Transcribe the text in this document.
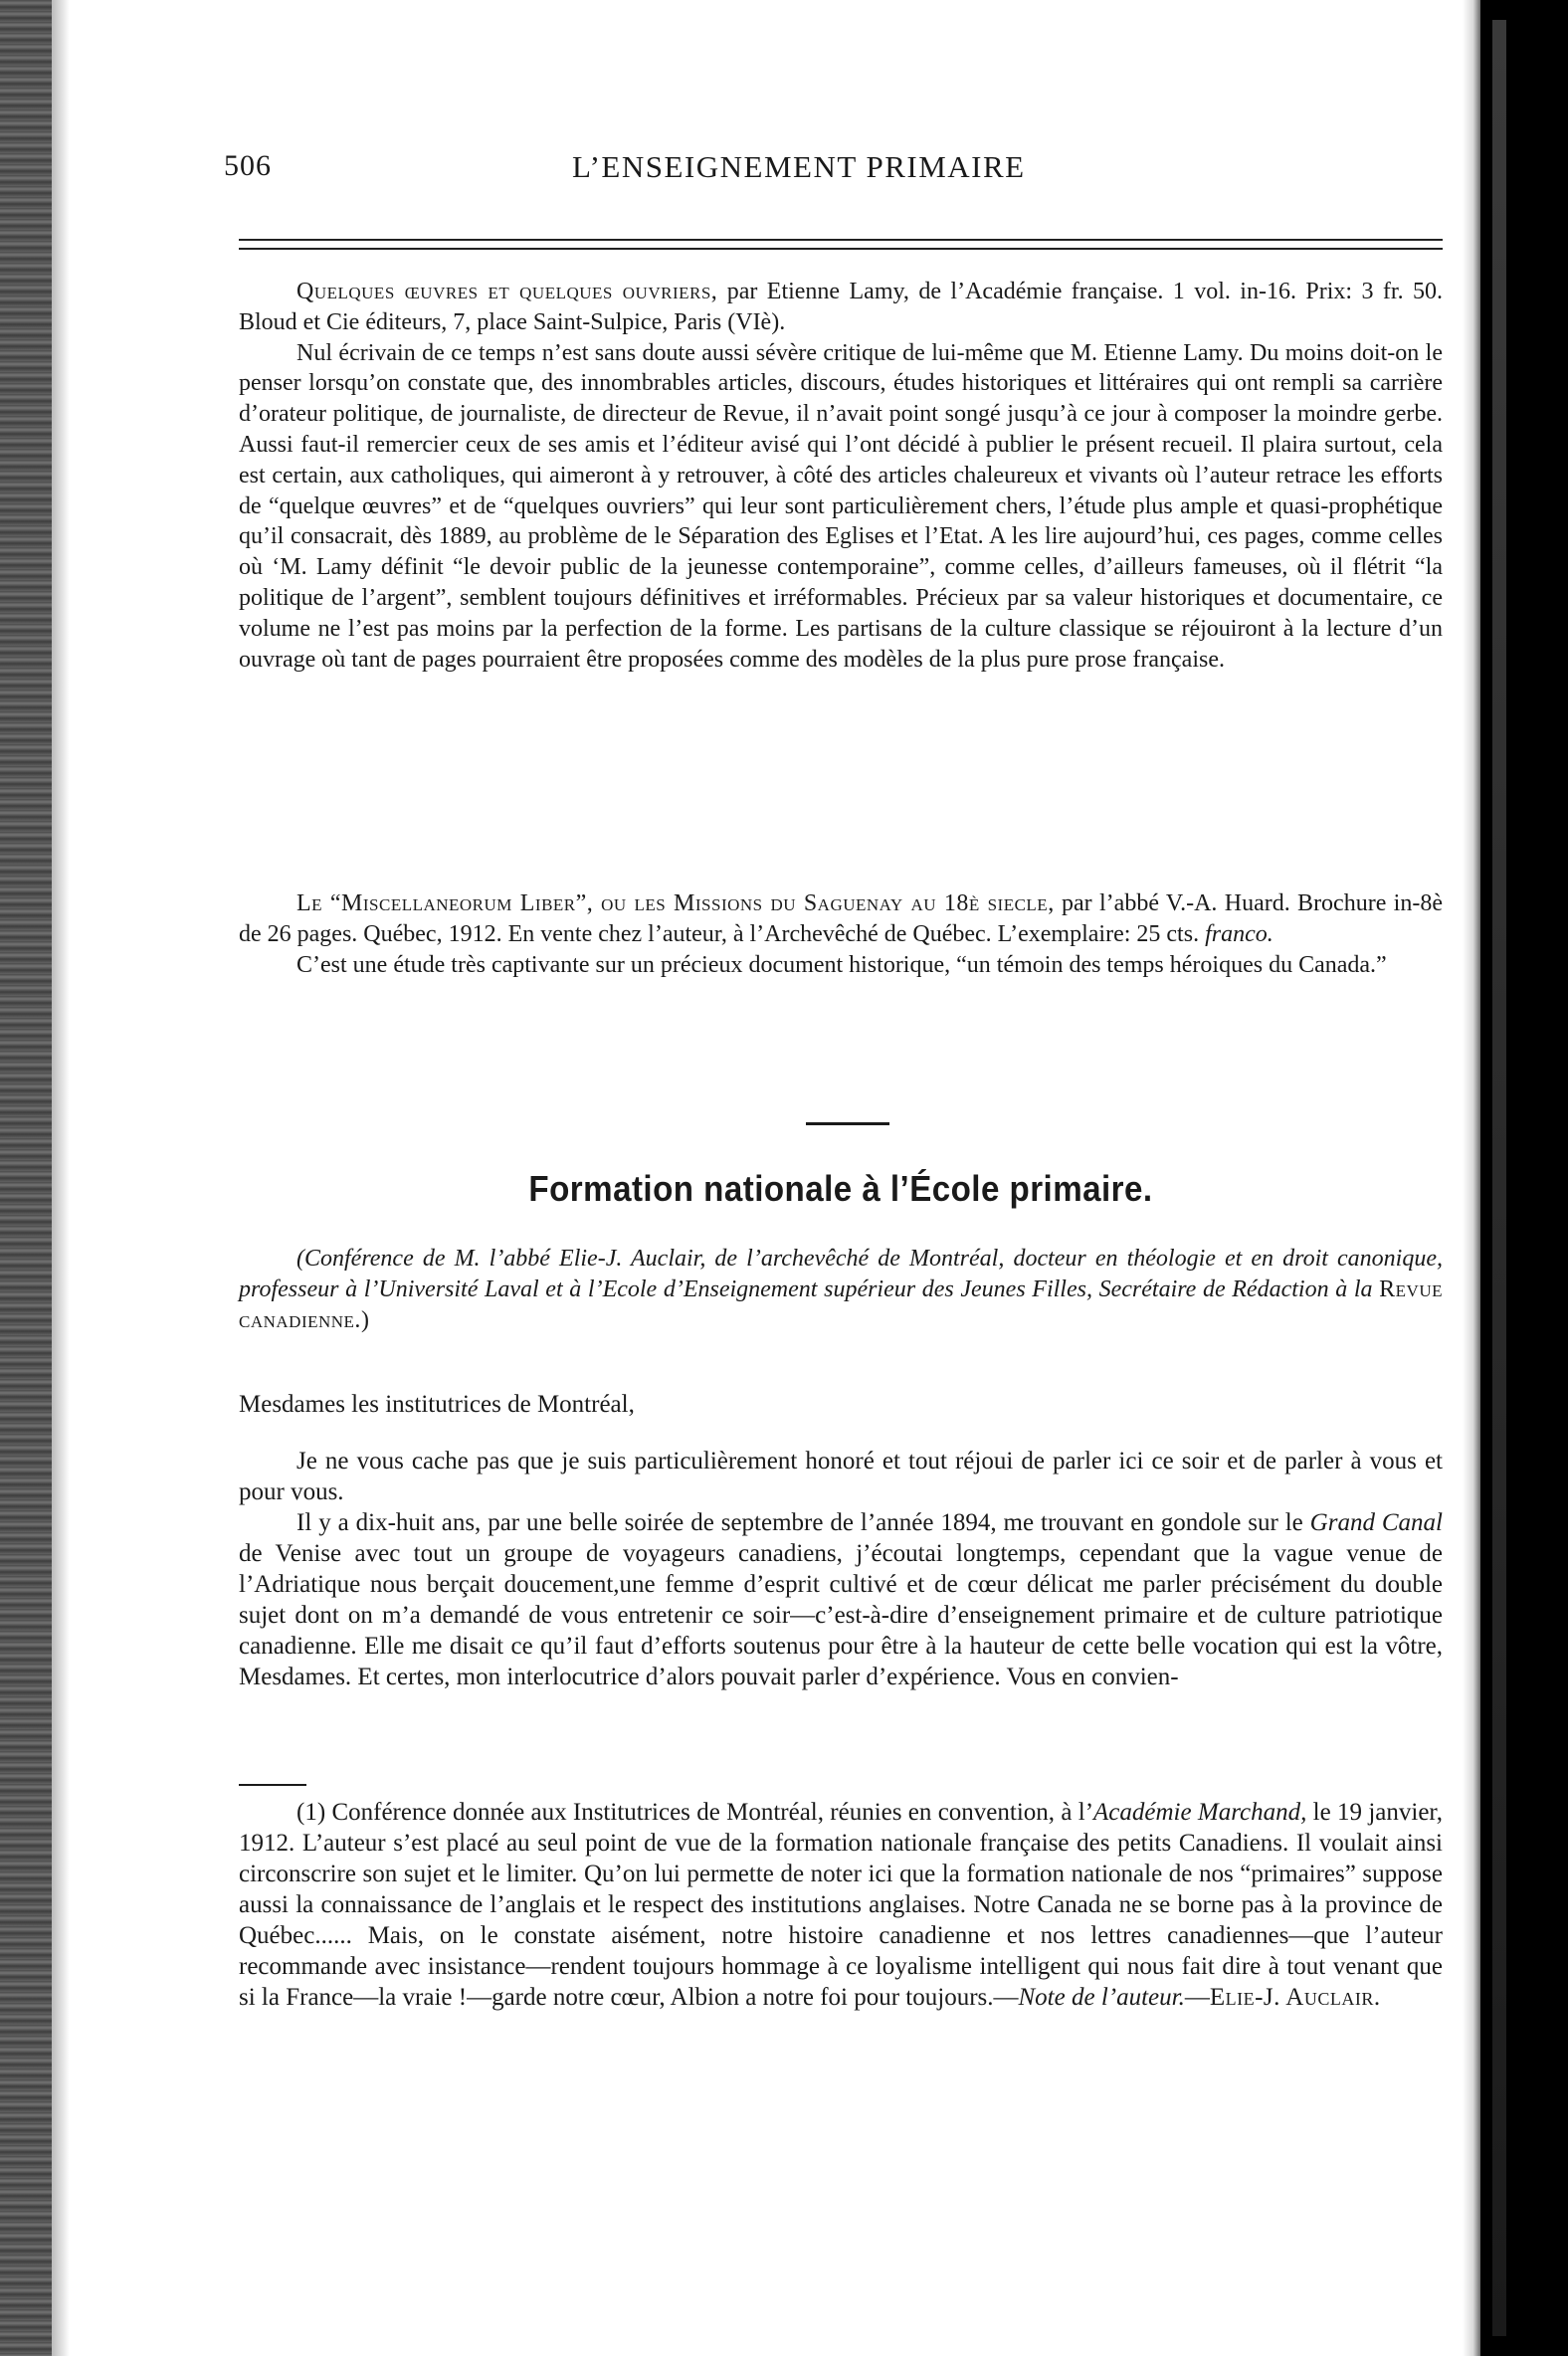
506	L’ENSEIGNEMENT PRIMAIRE

Quelques œuvres et quelques ouvriers, par Etienne Lamy, de l’Académie française. 1 vol. in-16. Prix: 3 fr. 50. Bloud et Cie éditeurs, 7, place Saint-Sulpice, Paris (VIè).

Nul écrivain de ce temps n’est sans doute aussi sévère critique de lui-même que M. Etienne Lamy. Du moins doit-on le penser lorsqu’on constate que, des innombrables articles, discours, études historiques et littéraires qui ont rempli sa carrière d’orateur politique, de journaliste, de directeur de Revue, il n’avait point songé jusqu’à ce jour à composer la moindre gerbe. Aussi faut-il remercier ceux de ses amis et l’éditeur avisé qui l’ont décidé à publier le présent recueil. Il plaira surtout, cela est certain, aux catholiques, qui aimeront à y retrouver, à côté des articles chaleureux et vivants où l’auteur retrace les efforts de “quelque œuvres” et de “quelques ouvriers” qui leur sont particulièrement chers, l’étude plus ample et quasi-prophétique qu’il consacrait, dès 1889, au problème de le Séparation des Eglises et l’Etat. A les lire aujourd’hui, ces pages, comme celles où ‘M. Lamy définit “le devoir public de la jeunesse contemporaine”, comme celles, d’ailleurs fameuses, où il flétrit “la politique de l’argent”, semblent toujours définitives et irréformables. Précieux par sa valeur historiques et documentaire, ce volume ne l’est pas moins par la perfection de la forme. Les partisans de la culture classique se réjouiront à la lecture d’un ouvrage où tant de pages pourraient être proposées comme des modèles de la plus pure prose française.

Le “Miscellaneorum Liber”, ou les Missions du Saguenay au 18è siecle, par l’abbé V.-A. Huard. Brochure in-8è de 26 pages. Québec, 1912. En vente chez l’auteur, à l’Archevêché de Québec. L’exemplaire: 25 cts. franco.

C’est une étude très captivante sur un précieux document historique, “un témoin des temps héroiques du Canada.”

Formation nationale à l’École primaire.

(Conférence de M. l’abbé Elie-J. Auclair, de l’archevêché de Montréal, docteur en théologie et en droit canonique, professeur à l’Université Laval et à l’Ecole d’Enseignement supérieur des Jeunes Filles, Secrétaire de Rédaction à la Revue canadienne.)

Mesdames les institutrices de Montréal,

Je ne vous cache pas que je suis particulièrement honoré et tout réjoui de parler ici ce soir et de parler à vous et pour vous.

Il y a dix-huit ans, par une belle soirée de septembre de l’année 1894, me trouvant en gondole sur le Grand Canal de Venise avec tout un groupe de voyageurs canadiens, j’écoutai longtemps, cependant que la vague venue de l’Adriatique nous berçait doucement,une femme d’esprit cultivé et de cœur délicat me parler précisément du double sujet dont on m’a demandé de vous entretenir ce soir—c’est-à-dire d’enseignement primaire et de culture patriotique canadienne. Elle me disait ce qu’il faut d’efforts soutenus pour être à la hauteur de cette belle vocation qui est la vôtre, Mesdames. Et certes, mon interlocutrice d’alors pouvait parler d’expérience. Vous en convien-

(1) Conférence donnée aux Institutrices de Montréal, réunies en convention, à l’Académie Marchand, le 19 janvier, 1912. L’auteur s’est placé au seul point de vue de la formation nationale française des petits Canadiens. Il voulait ainsi circonscrire son sujet et le limiter. Qu’on lui permette de noter ici que la formation nationale de nos “primaires” suppose aussi la connaissance de l’anglais et le respect des institutions anglaises. Notre Canada ne se borne pas à la province de Québec...... Mais, on le constate aisément, notre histoire canadienne et nos lettres canadiennes—que l’auteur recommande avec insistance—rendent toujours hommage à ce loyalisme intelligent qui nous fait dire à tout venant que si la France—la vraie !—garde notre cœur, Albion a notre foi pour toujours.—Note de l’auteur.—Elie-J. Auclair.
